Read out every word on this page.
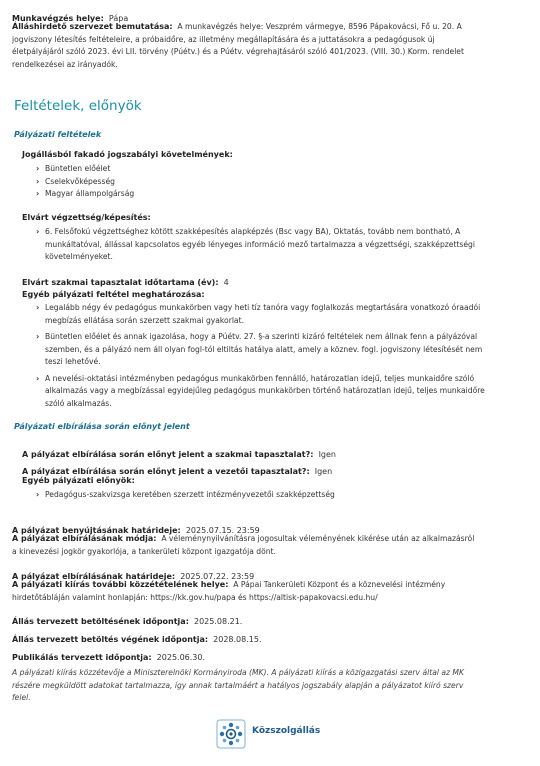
Munkavégzés helye: Pápa
Álláshirdető szervezet bemutatása: A munkavégzés helye: Veszprém vármegye, 8596 Pápakovácsi, Fő u. 20. A
jogviszony létesítés feltételeire, a próbaidőre, az illetmény megállapítására és a juttatásokra a pedagógusok új
életpályájáról szóló 2023. évi LII. törvény (Púétv.) és a Púétv. végrehajtásáról szóló 401/2023. (VIII. 30.) Korm. rendelet
rendelkezései az irányadók.
Feltételek, előnyök
Pályázati feltételek
Jogállásból fakadó jogszabályi követelmények:
› Büntetlen előélet
› Cselekvőképesség
› Magyar állampolgárság
Elvárt végzettség/képesítés:
› 6. Felsőfokú végzettséghez kötött szakképesítés alapképzés (Bsc vagy BA), Oktatás, tovább nem bontható, A
munkáltatóval, állással kapcsolatos egyéb lényeges információ mező tartalmazza a végzettségi, szakképzettségi
követelményeket.
Elvárt szakmai tapasztalat időtartama (év): 4
Egyéb pályázati feltétel meghatározása:
› Legalább négy év pedagógus munkakörben vagy heti tíz tanóra vagy foglalkozás megtartására vonatkozó óraadói
megbízás ellátása során szerzett szakmai gyakorlat.
› Büntetlen előélet és annak igazolása, hogy a Púétv. 27. §-a szerinti kizáró feltételek nem állnak fenn a pályázóval
szemben, és a pályázó nem áll olyan fogl-tól eltiltás hatálya alatt, amely a köznev. fogl. jogviszony létesítését nem
teszi lehetővé.
› A nevelési-oktatási intézményben pedagógus munkakörben fennálló, határozatlan idejű, teljes munkaidőre szóló
alkalmazás vagy a megbízással egyidejűleg pedagógus munkakörben történő határozatlan idejű, teljes munkaidőre
szóló alkalmazás.
Pályázati elbírálása során előnyt jelent
A pályázat elbírálása során előnyt jelent a szakmai tapasztalat?: Igen
A pályázat elbírálása során előnyt jelent a vezetői tapasztalat?: Igen
Egyéb pályázati előnyök:
› Pedagógus-szakvizsga keretében szerzett intézményvezetői szakképzettség
A pályázat benyújtásának határideje: 2025.07.15. 23:59
A pályázat elbírálásának módja: A véleménynyilvánításra jogosultak véleményének kikérése után az alkalmazásról
a kinevezési jogkör gyakorlója, a tankerületi központ igazgatója dönt.
A pályázat elbírálásának határideje: 2025.07.22. 23:59
A pályázati kiírás további közzétételének helye: A Pápai Tankerületi Központ és a köznevelési intézmény
hirdetőtábláján valamint honlapján: https://kk.gov.hu/papa és https://altisk-papakovacsi.edu.hu/
Állás tervezett betöltésének időpontja: 2025.08.21.
Állás tervezett betöltés végének időpontja: 2028.08.15.
Publikálás tervezett időpontja: 2025.06.30.
A pályázati kiírás közzétevője a Miniszterelnöki Kormányiroda (MK). A pályázati kiírás a közigazgatási szerv által az MK
részére megküldött adatokat tartalmazza, így annak tartalmáért a hatályos jogszabály alapján a pályázatot kiíró szerv
felel.
Közszolgállás
